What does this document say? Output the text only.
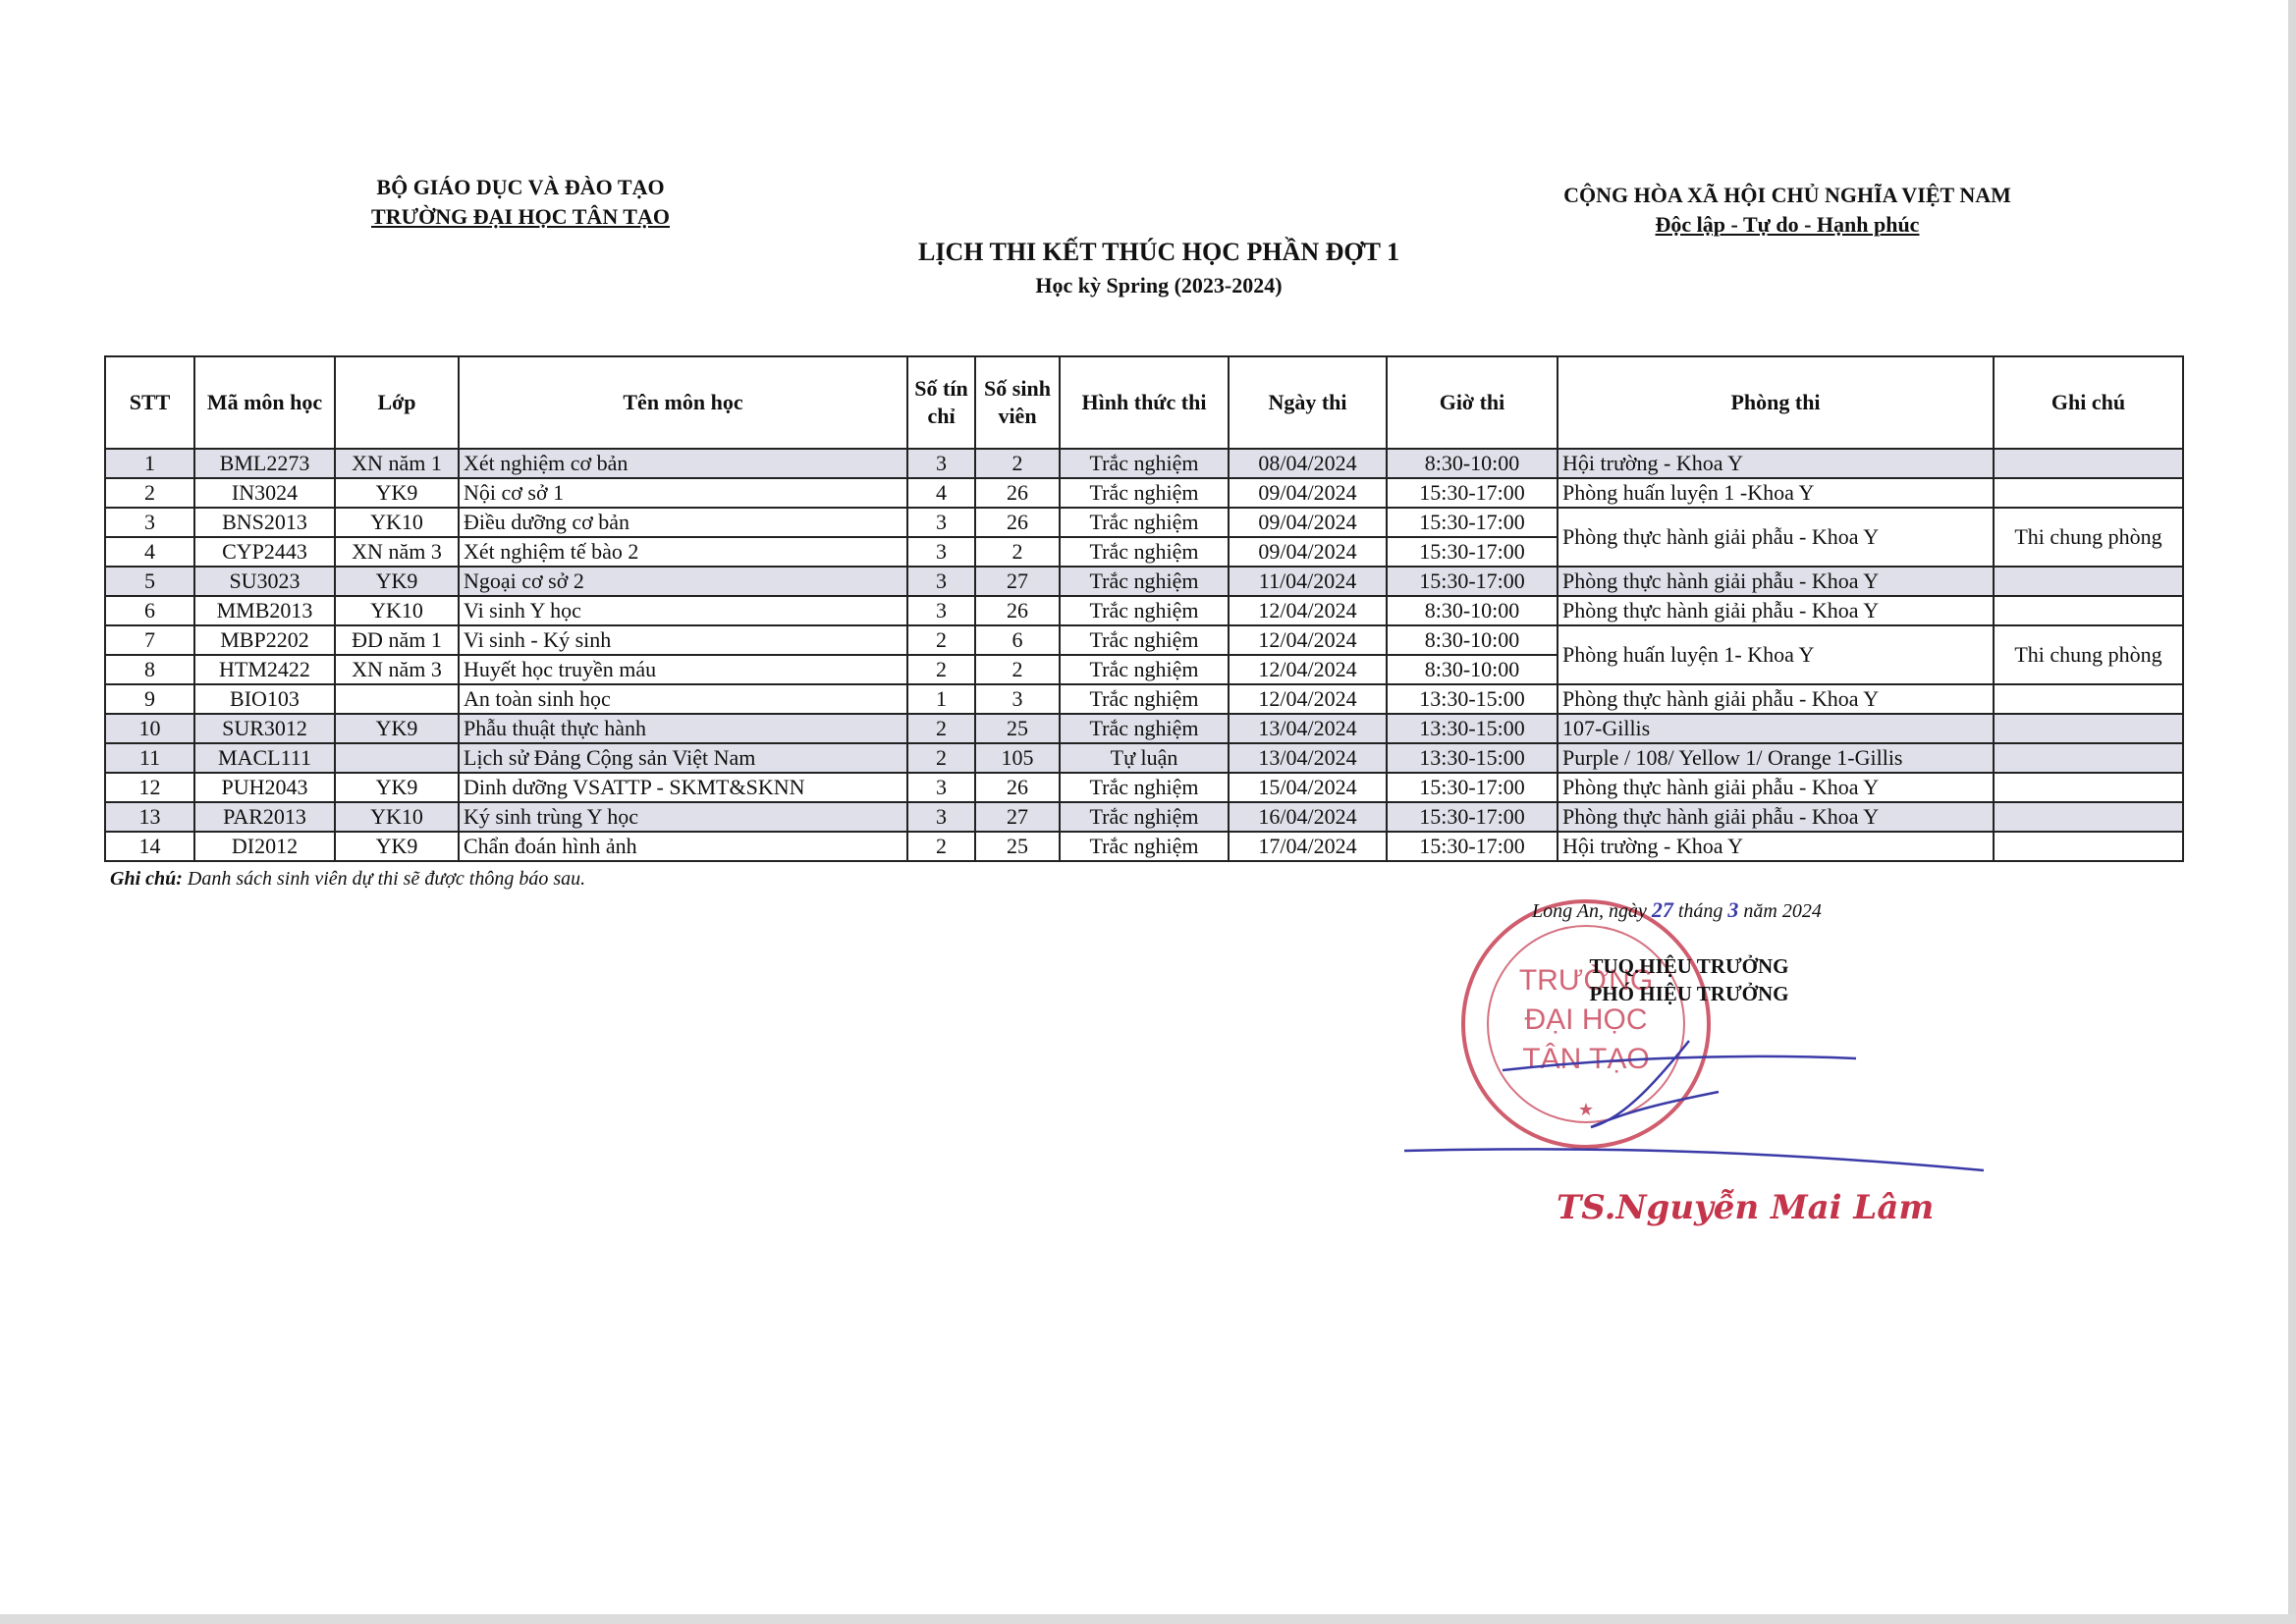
BỘ GIÁO DỤC VÀ ĐÀO TẠO
TRƯỜNG ĐẠI HỌC TÂN TẠO
CỘNG HÒA XÃ HỘI CHỦ NGHĨA VIỆT NAM
Độc lập - Tự do - Hạnh phúc
LỊCH THI KẾT THÚC HỌC PHẦN ĐỢT 1
Học kỳ Spring (2023-2024)
STT	Mã môn học	Lớp	Tên môn học	Số tín chỉ	Số sinh viên	Hình thức thi	Ngày thi	Giờ thi	Phòng thi	Ghi chú
1	BML2273	XN năm 1	Xét nghiệm cơ bản	3	2	Trắc nghiệm	08/04/2024	8:30-10:00	Hội trường - Khoa Y	
2	IN3024	YK9	Nội cơ sở 1	4	26	Trắc nghiệm	09/04/2024	15:30-17:00	Phòng huấn luyện 1 -Khoa Y	
3	BNS2013	YK10	Điều dưỡng cơ bản	3	26	Trắc nghiệm	09/04/2024	15:30-17:00	Phòng thực hành giải phẫu - Khoa Y	Thi chung phòng
4	CYP2443	XN năm 3	Xét nghiệm tế bào 2	3	2	Trắc nghiệm	09/04/2024	15:30-17:00		
5	SU3023	YK9	Ngoại cơ sở 2	3	27	Trắc nghiệm	11/04/2024	15:30-17:00	Phòng thực hành giải phẫu - Khoa Y	
6	MMB2013	YK10	Vi sinh Y học	3	26	Trắc nghiệm	12/04/2024	8:30-10:00	Phòng thực hành giải phẫu - Khoa Y	
7	MBP2202	ĐD năm 1	Vi sinh - Ký sinh	2	6	Trắc nghiệm	12/04/2024	8:30-10:00	Phòng huấn luyện 1- Khoa Y	Thi chung phòng
8	HTM2422	XN năm 3	Huyết học truyền máu	2	2	Trắc nghiệm	12/04/2024	8:30-10:00		
9	BIO103		An toàn sinh học	1	3	Trắc nghiệm	12/04/2024	13:30-15:00	Phòng thực hành giải phẫu - Khoa Y	
10	SUR3012	YK9	Phẫu thuật thực hành	2	25	Trắc nghiệm	13/04/2024	13:30-15:00	107-Gillis	
11	MACL111		Lịch sử Đảng Cộng sản Việt Nam	2	105	Tự luận	13/04/2024	13:30-15:00	Purple / 108/ Yellow 1/ Orange 1-Gillis	
12	PUH2043	YK9	Dinh dưỡng VSATTP - SKMT&SKNN	3	26	Trắc nghiệm	15/04/2024	15:30-17:00	Phòng thực hành giải phẫu - Khoa Y	
13	PAR2013	YK10	Ký sinh trùng Y học	3	27	Trắc nghiệm	16/04/2024	15:30-17:00	Phòng thực hành giải phẫu - Khoa Y	
14	DI2012	YK9	Chẩn đoán hình ảnh	2	25	Trắc nghiệm	17/04/2024	15:30-17:00	Hội trường - Khoa Y	
Ghi chú: Danh sách sinh viên dự thi sẽ được thông báo sau.
TRƯỜNG
ĐẠI HỌC
TÂN TẠO
★
Long An, ngày 27 tháng 3 năm 2024
TUQ.HIỆU TRƯỞNG
PHÓ HIỆU TRƯỞNG
TS.Nguyễn Mai Lâm
